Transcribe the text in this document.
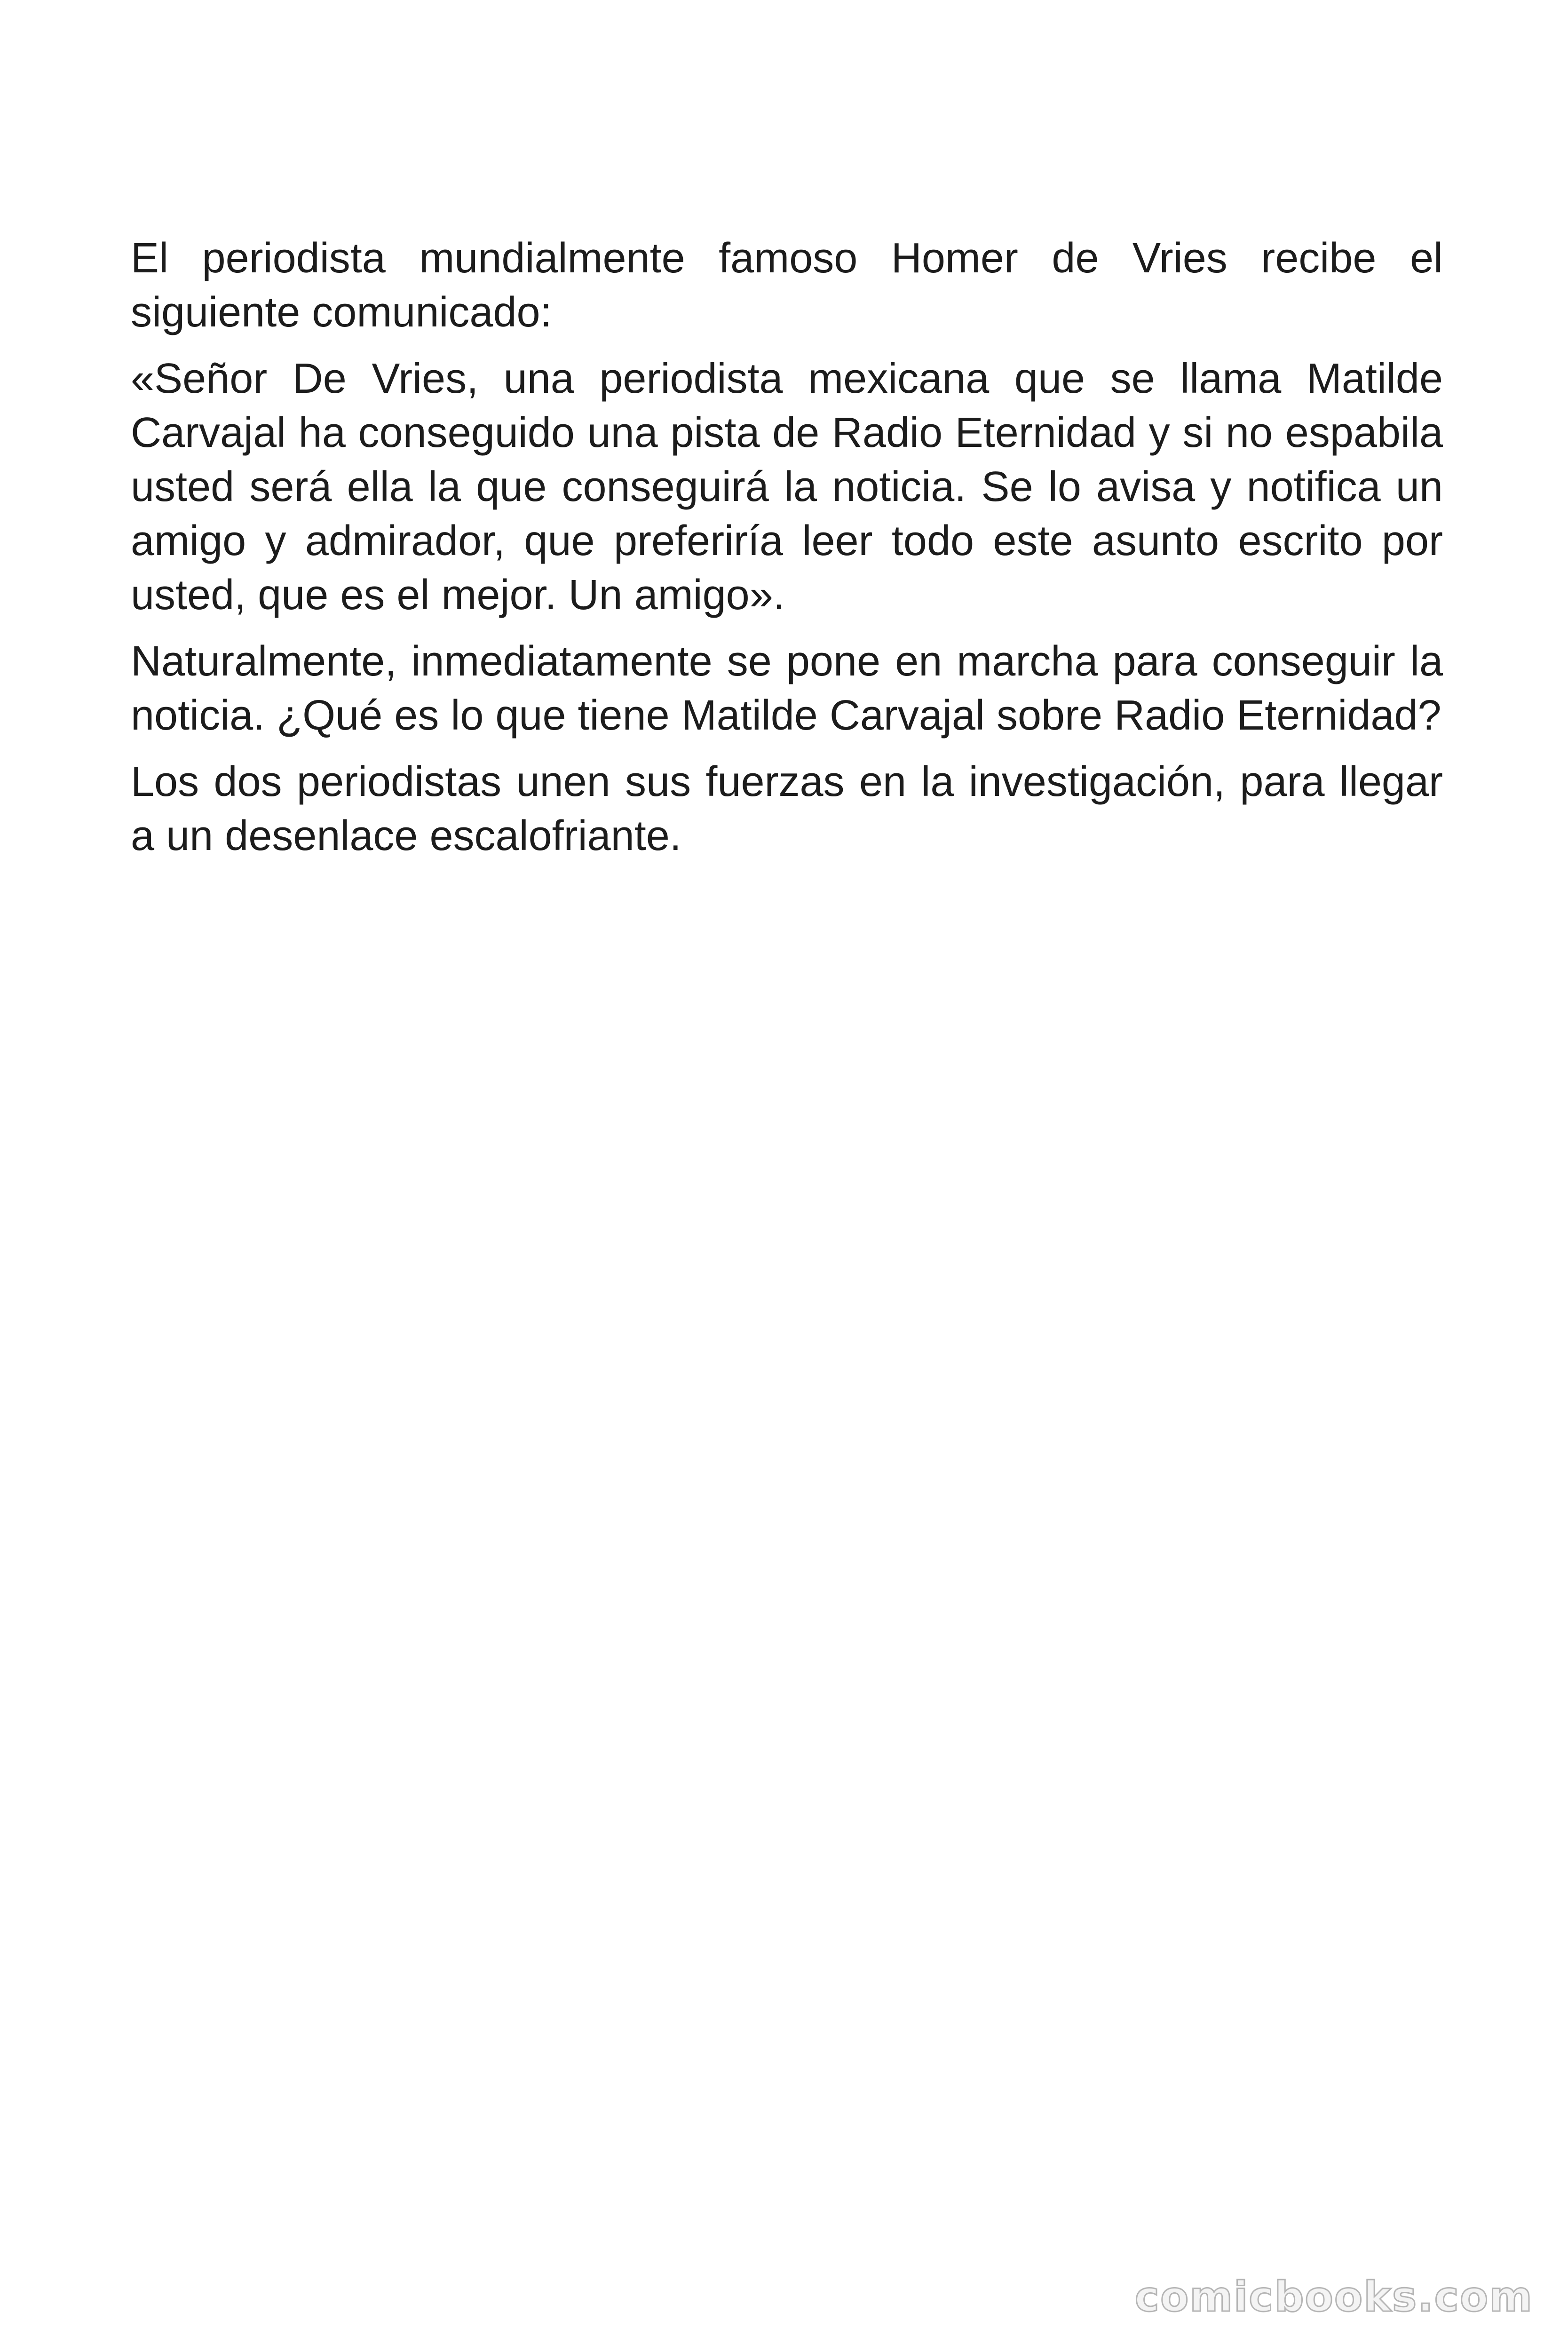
El periodista mundialmente famoso Homer de Vries recibe el siguiente comunicado:

«Señor De Vries, una periodista mexicana que se llama Matilde Carvajal ha conseguido una pista de Radio Eternidad y si no espabila usted será ella la que conseguirá la noticia. Se lo avisa y notifica un amigo y admirador, que preferiría leer todo este asunto escrito por usted, que es el mejor. Un amigo».

Naturalmente, inmediatamente se pone en marcha para conseguir la noticia. ¿Qué es lo que tiene Matilde Carvajal sobre Radio Eternidad?

Los dos periodistas unen sus fuerzas en la investigación, para llegar a un desenlace escalofriante.

comicbooks.com
